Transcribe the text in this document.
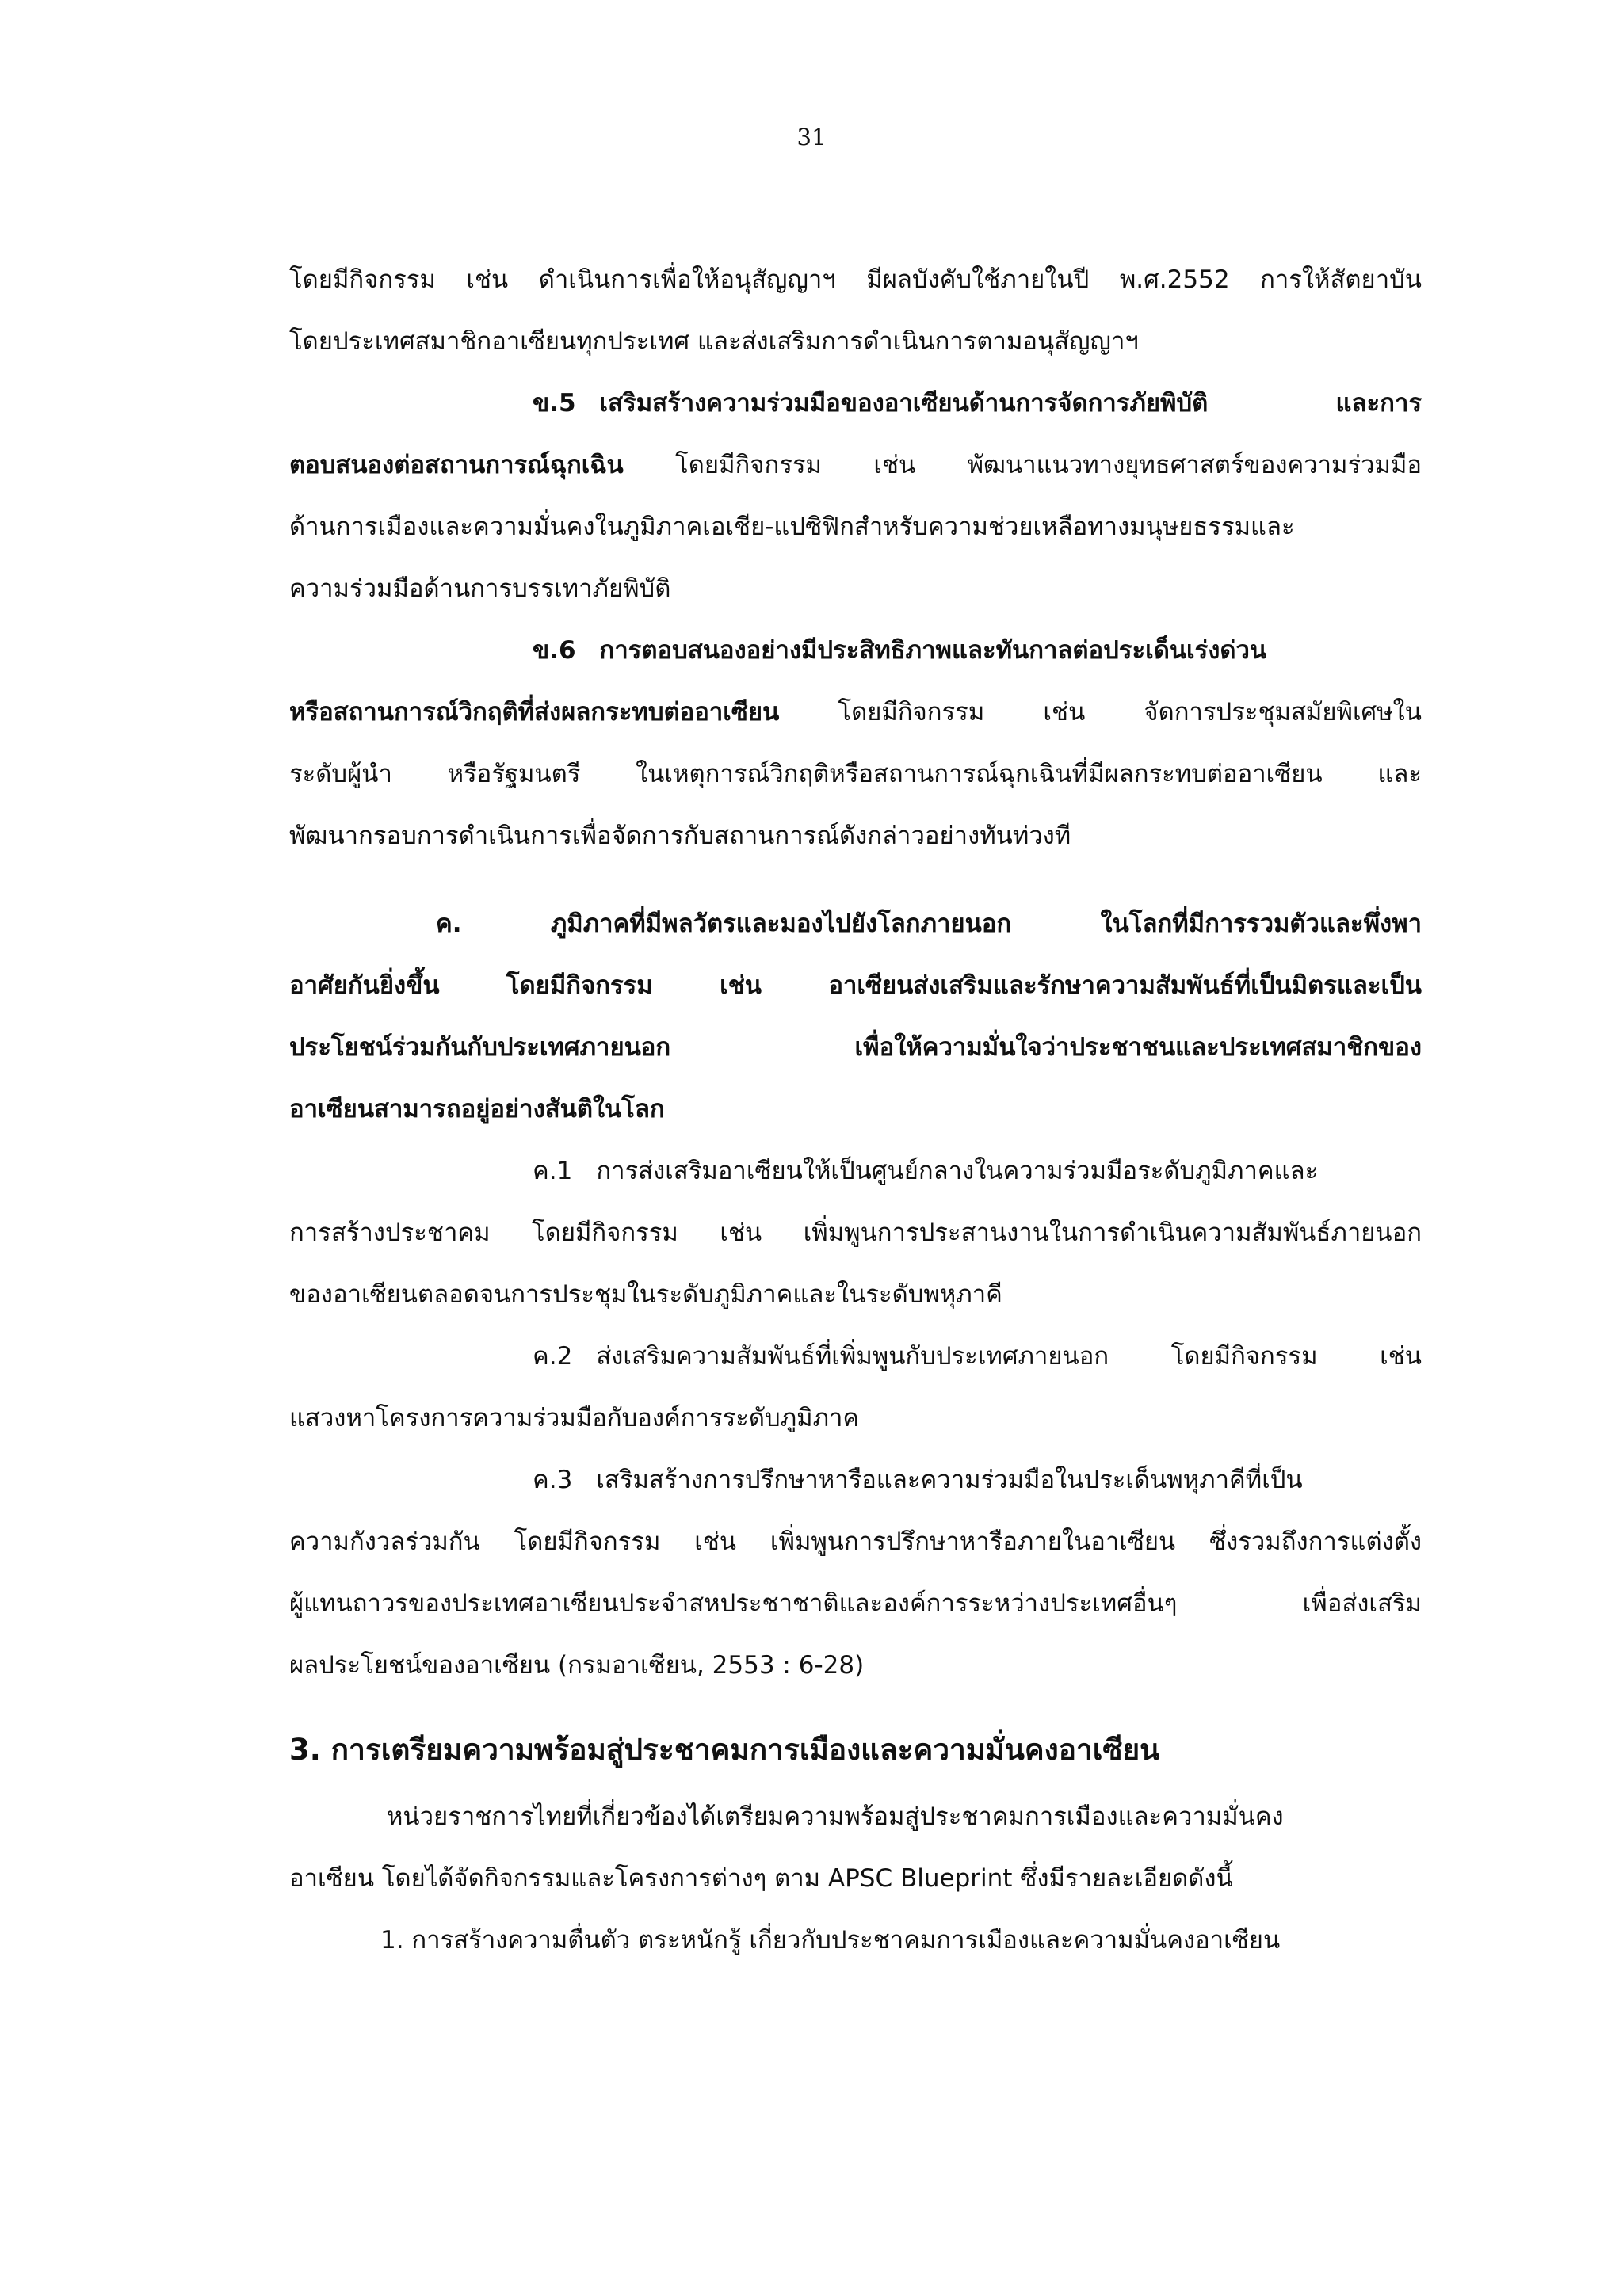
31
โดยมีกิจกรรม เช่น ดำเนินการเพื่อให้อนุสัญญาฯ มีผลบังคับใช้ภายในปี พ.ศ.2552 การให้สัตยาบัน
โดยประเทศสมาชิกอาเซียนทุกประเทศ และส่งเสริมการดำเนินการตามอนุสัญญาฯ
ข.5 เสริมสร้างความร่วมมือของอาเซียนด้านการจัดการภัยพิบัติ และการ
ตอบสนองต่อสถานการณ์ฉุกเฉิน โดยมีกิจกรรม เช่น พัฒนาแนวทางยุทธศาสตร์ของความร่วมมือ
ด้านการเมืองและความมั่นคงในภูมิภาคเอเชีย-แปซิฟิกสำหรับความช่วยเหลือทางมนุษยธรรมและ
ความร่วมมือด้านการบรรเทาภัยพิบัติ
ข.6 การตอบสนองอย่างมีประสิทธิภาพและทันกาลต่อประเด็นเร่งด่วน
หรือสถานการณ์วิกฤติที่ส่งผลกระทบต่ออาเซียน โดยมีกิจกรรม เช่น จัดการประชุมสมัยพิเศษใน
ระดับผู้นำ หรือรัฐมนตรี ในเหตุการณ์วิกฤติหรือสถานการณ์ฉุกเฉินที่มีผลกระทบต่ออาเซียน และ
พัฒนากรอบการดำเนินการเพื่อจัดการกับสถานการณ์ดังกล่าวอย่างทันท่วงที
ค. ภูมิภาคที่มีพลวัตรและมองไปยังโลกภายนอก ในโลกที่มีการรวมตัวและพึ่งพา
อาศัยกันยิ่งขึ้น โดยมีกิจกรรม เช่น อาเซียนส่งเสริมและรักษาความสัมพันธ์ที่เป็นมิตรและเป็น
ประโยชน์ร่วมกันกับประเทศภายนอก เพื่อให้ความมั่นใจว่าประชาชนและประเทศสมาชิกของ
อาเซียนสามารถอยู่อย่างสันติในโลก
ค.1 การส่งเสริมอาเซียนให้เป็นศูนย์กลางในความร่วมมือระดับภูมิภาคและ
การสร้างประชาคม โดยมีกิจกรรม เช่น เพิ่มพูนการประสานงานในการดำเนินความสัมพันธ์ภายนอก
ของอาเซียนตลอดจนการประชุมในระดับภูมิภาคและในระดับพหุภาคี
ค.2 ส่งเสริมความสัมพันธ์ที่เพิ่มพูนกับประเทศภายนอก โดยมีกิจกรรม เช่น
แสวงหาโครงการความร่วมมือกับองค์การระดับภูมิภาค
ค.3 เสริมสร้างการปรึกษาหารือและความร่วมมือในประเด็นพหุภาคีที่เป็น
ความกังวลร่วมกัน โดยมีกิจกรรม เช่น เพิ่มพูนการปรึกษาหารือภายในอาเซียน ซึ่งรวมถึงการแต่งตั้ง
ผู้แทนถาวรของประเทศอาเซียนประจำสหประชาชาติและองค์การระหว่างประเทศอื่นๆ เพื่อส่งเสริม
ผลประโยชน์ของอาเซียน (กรมอาเซียน, 2553 : 6-28)
3. การเตรียมความพร้อมสู่ประชาคมการเมืองและความมั่นคงอาเซียน
หน่วยราชการไทยที่เกี่ยวข้องได้เตรียมความพร้อมสู่ประชาคมการเมืองและความมั่นคง
อาเซียน โดยได้จัดกิจกรรมและโครงการต่างๆ ตาม APSC Blueprint ซึ่งมีรายละเอียดดังนี้
1. การสร้างความตื่นตัว ตระหนักรู้ เกี่ยวกับประชาคมการเมืองและความมั่นคงอาเซียน
